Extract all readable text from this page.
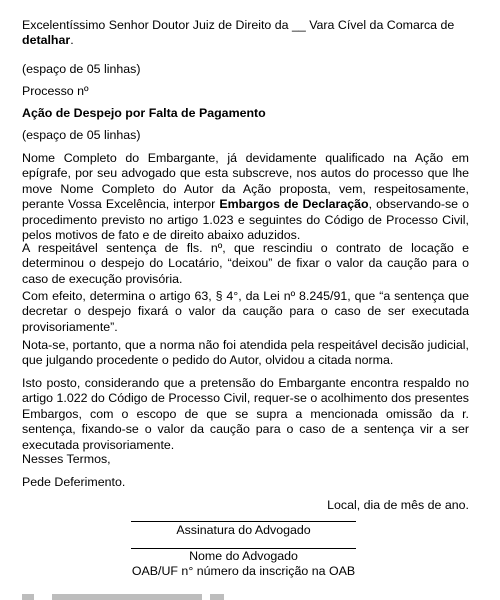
Excelentíssimo Senhor Doutor Juiz de Direito da __ Vara Cível da Comarca de detalhar.

(espaço de 05 linhas)

Processo nº

Ação de Despejo por Falta de Pagamento

(espaço de 05 linhas)

Nome Completo do Embargante, já devidamente qualificado na Ação em epígrafe, por seu advogado que esta subscreve, nos autos do processo que lhe move Nome Completo do Autor da Ação proposta, vem, respeitosamente, perante Vossa Excelência, interpor Embargos de Declaração, observando-se o procedimento previsto no artigo 1.023 e seguintes do Código de Processo Civil, pelos motivos de fato e de direito abaixo aduzidos.

A respeitável sentença de fls. nº, que rescindiu o contrato de locação e determinou o despejo do Locatário, “deixou” de fixar o valor da caução para o caso de execução provisória.

Com efeito, determina o artigo 63, § 4°, da Lei nº 8.245/91, que “a sentença que decretar o despejo fixará o valor da caução para o caso de ser executada provisoriamente”.

Nota-se, portanto, que a norma não foi atendida pela respeitável decisão judicial, que julgando procedente o pedido do Autor, olvidou a citada norma.

Isto posto, considerando que a pretensão do Embargante encontra respaldo no artigo 1.022 do Código de Processo Civil, requer-se o acolhimento dos presentes Embargos, com o escopo de que se supra a mencionada omissão da r. sentença, fixando-se o valor da caução para o caso de a sentença vir a ser executada provisoriamente.

Nesses Termos,

Pede Deferimento.

Local, dia de mês de ano.
Assinatura do Advogado
Nome do Advogado
OAB/UF n° número da inscrição na OAB
